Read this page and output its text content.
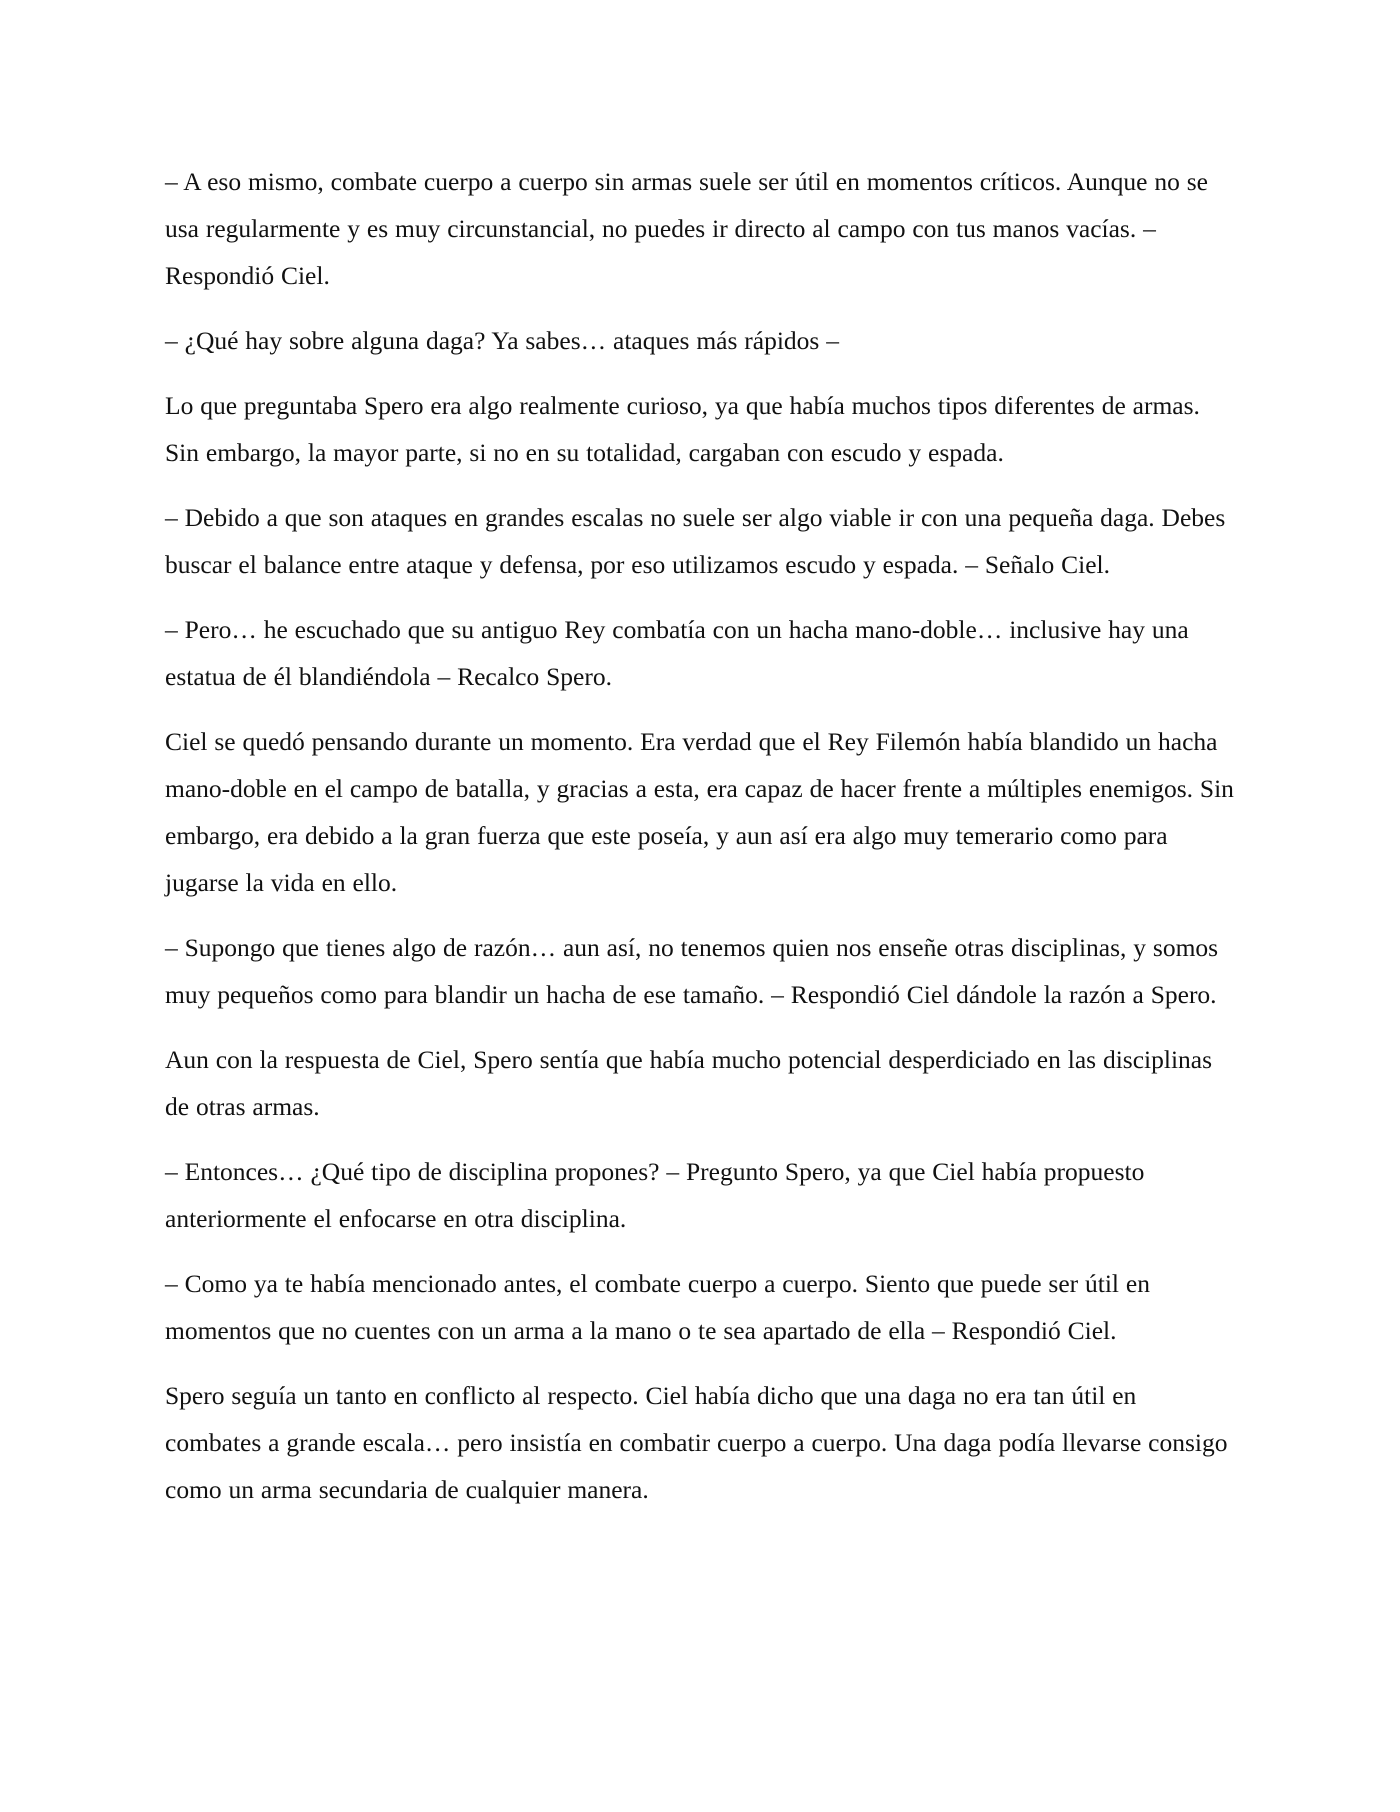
– A eso mismo, combate cuerpo a cuerpo sin armas suele ser útil en momentos críticos. Aunque no se usa regularmente y es muy circunstancial, no puedes ir directo al campo con tus manos vacías. – Respondió Ciel.

– ¿Qué hay sobre alguna daga? Ya sabes… ataques más rápidos –

Lo que preguntaba Spero era algo realmente curioso, ya que había muchos tipos diferentes de armas. Sin embargo, la mayor parte, si no en su totalidad, cargaban con escudo y espada.

– Debido a que son ataques en grandes escalas no suele ser algo viable ir con una pequeña daga. Debes buscar el balance entre ataque y defensa, por eso utilizamos escudo y espada. – Señalo Ciel.

– Pero… he escuchado que su antiguo Rey combatía con un hacha mano-doble… inclusive hay una estatua de él blandiéndola – Recalco Spero.

Ciel se quedó pensando durante un momento. Era verdad que el Rey Filemón había blandido un hacha mano-doble en el campo de batalla, y gracias a esta, era capaz de hacer frente a múltiples enemigos. Sin embargo, era debido a la gran fuerza que este poseía, y aun así era algo muy temerario como para jugarse la vida en ello.

– Supongo que tienes algo de razón… aun así, no tenemos quien nos enseñe otras disciplinas, y somos muy pequeños como para blandir un hacha de ese tamaño. – Respondió Ciel dándole la razón a Spero.

Aun con la respuesta de Ciel, Spero sentía que había mucho potencial desperdiciado en las disciplinas de otras armas.

– Entonces… ¿Qué tipo de disciplina propones? – Pregunto Spero, ya que Ciel había propuesto anteriormente el enfocarse en otra disciplina.

– Como ya te había mencionado antes, el combate cuerpo a cuerpo. Siento que puede ser útil en momentos que no cuentes con un arma a la mano o te sea apartado de ella – Respondió Ciel.

Spero seguía un tanto en conflicto al respecto. Ciel había dicho que una daga no era tan útil en combates a grande escala… pero insistía en combatir cuerpo a cuerpo. Una daga podía llevarse consigo como un arma secundaria de cualquier manera.
